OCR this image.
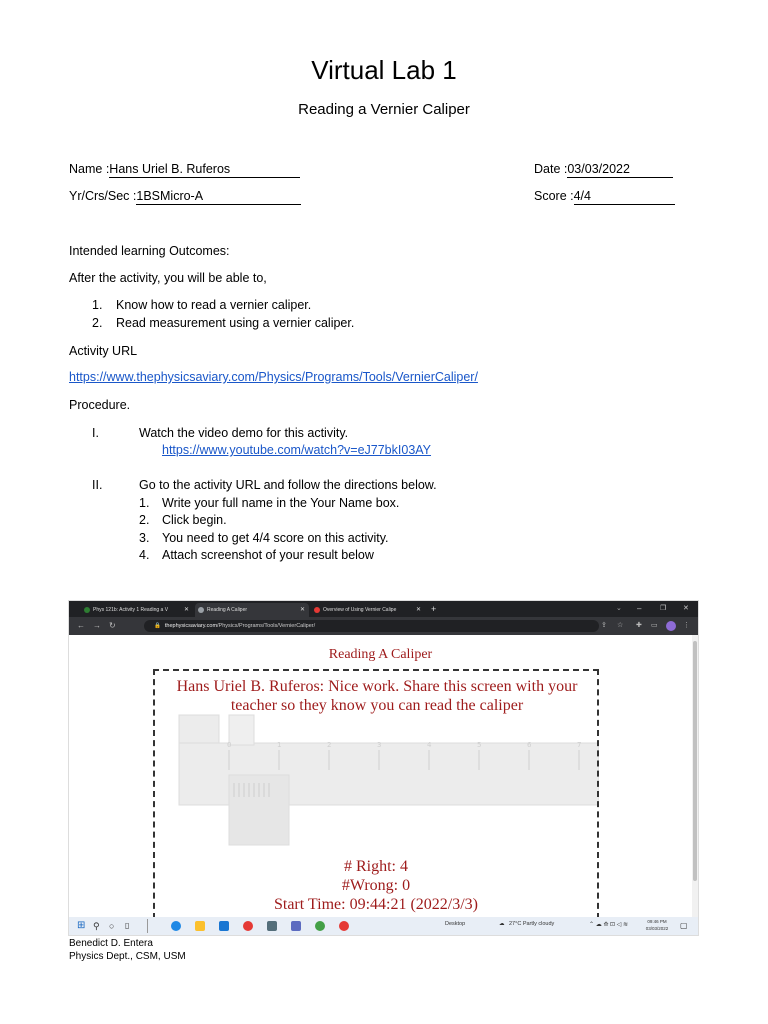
Virtual Lab 1
Reading a Vernier Caliper
Name :Hans Uriel B. Ruferos	Date :03/03/2022
Yr/Crs/Sec :1BSMicro-A	Score :4/4
Intended learning Outcomes:
After the activity, you will be able to,
1. Know how to read a vernier caliper.
2. Read measurement using a vernier caliper.
Activity URL
https://www.thephysicsaviary.com/Physics/Programs/Tools/VernierCaliper/
Procedure.
I.	Watch the video demo for this activity.
https://www.youtube.com/watch?v=eJ77bkI03AY
II.	Go to the activity URL and follow the directions below.
1. Write your full name in the Your Name box.
2. Click begin.
3. You need to get 4/4 score on this activity.
4. Attach screenshot of your result below
Phys 121b: Activity 1 Reading a V	✕	Reading A Caliper	✕	Overview of Using Vernier Calipe	✕ +	⌄ –	❐ ✕
← → ↻	🔒 thephysicsaviary.com/Physics/Programs/Tools/VernierCaliper/	⇪ ☆ ✚ ▭	⋮
Reading A Caliper
0	1	2	3	4	5	6	7
Hans Uriel B. Ruferos: Nice work. Share this screen with your teacher so they know you can read the caliper
# Right: 4
#Wrong: 0
Start Time: 09:44:21 (2022/3/3)
⊞ ⚲ ○ ▯	Desktop	☁ 27°C Partly cloudy	⌃ ☁ ⟰ ⊡ ◁ ≋
09:46 PM
03/03/2022	▢
Benedict D. Entera
Physics Dept., CSM, USM
